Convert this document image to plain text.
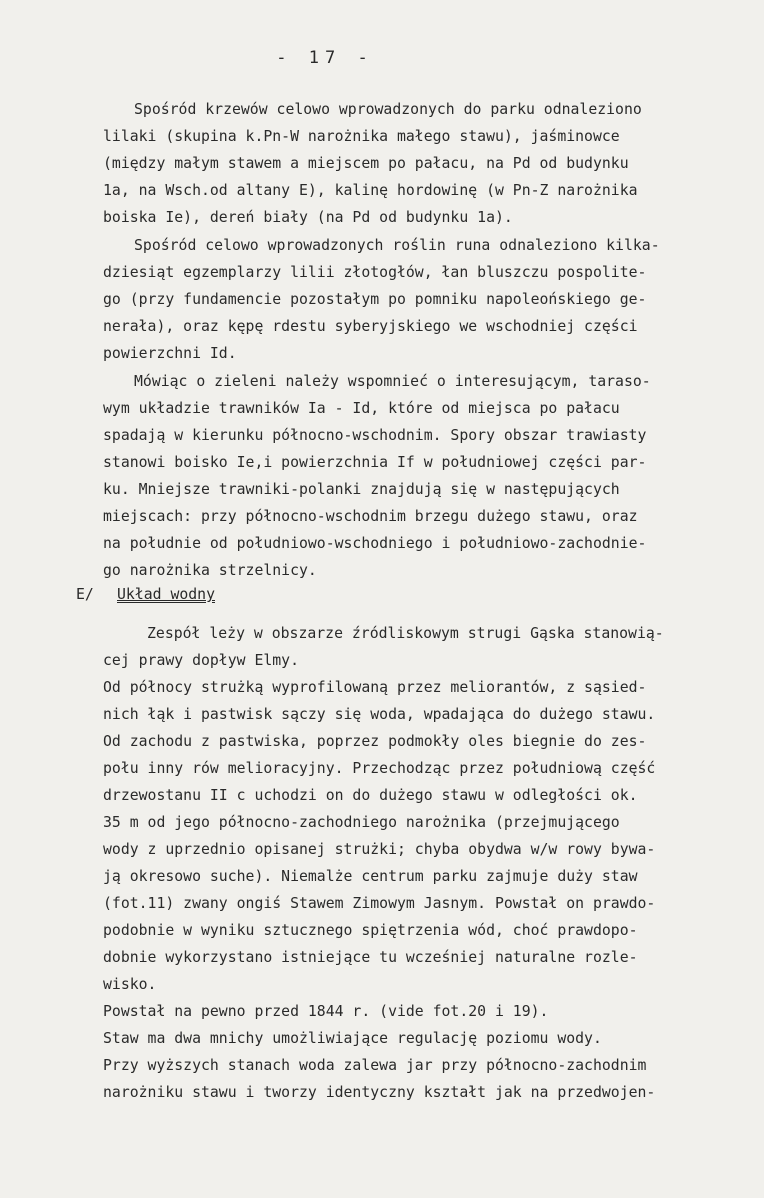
- 17 -
Spośród krzewów celowo wprowadzonych do parku odnaleziono
lilaki (skupina k.Pn-W narożnika małego stawu), jaśminowce
(między małym stawem a miejscem po pałacu, na Pd od budynku
1a, na Wsch.od altany E), kalinę hordowinę (w Pn-Z narożnika
boiska Ie), dereń biały (na Pd od budynku 1a).
Spośród celowo wprowadzonych roślin runa odnaleziono kilka-
dziesiąt egzemplarzy lilii złotogłów, łan bluszczu pospolite-
go (przy fundamencie pozostałym po pomniku napoleońskiego ge-
nerała), oraz kępę rdestu syberyjskiego we wschodniej części
powierzchni Id.
Mówiąc o zieleni należy wspomnieć o interesującym, taraso-
wym układzie trawników Ia - Id, które od miejsca po pałacu
spadają w kierunku północno-wschodnim. Spory obszar trawiasty
stanowi boisko Ie,i powierzchnia If w południowej części par-
ku. Mniejsze trawniki-polanki znajdują się w następujących
miejscach: przy północno-wschodnim brzegu dużego stawu, oraz
na południe od południowo-wschodniego i południowo-zachodnie-
go narożnika strzelnicy.
E/ Układ wodny
Zespół leży w obszarze źródliskowym strugi Gąska stanowią-
cej prawy dopływ Elmy.
Od północy strużką wyprofilowaną przez meliorantów, z sąsied-
nich łąk i pastwisk sączy się woda, wpadająca do dużego stawu.
Od zachodu z pastwiska, poprzez podmokły oles biegnie do zes-
połu inny rów melioracyjny. Przechodząc przez południową część
drzewostanu II c uchodzi on do dużego stawu w odległości ok.
35 m od jego północno-zachodniego narożnika (przejmującego
wody z uprzednio opisanej strużki; chyba obydwa w/w rowy bywa-
ją okresowo suche). Niemalże centrum parku zajmuje duży staw
(fot.11) zwany ongiś Stawem Zimowym Jasnym. Powstał on prawdo-
podobnie w wyniku sztucznego spiętrzenia wód, choć prawdopo-
dobnie wykorzystano istniejące tu wcześniej naturalne rozle-
wisko.
Powstał na pewno przed 1844 r. (vide fot.20 i 19).
Staw ma dwa mnichy umożliwiające regulację poziomu wody.
Przy wyższych stanach woda zalewa jar przy północno-zachodnim
narożniku stawu i tworzy identyczny kształt jak na przedwojen-
